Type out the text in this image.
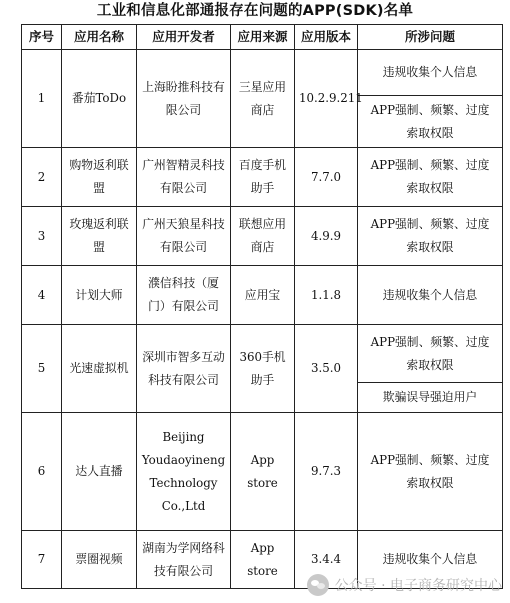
工业和信息化部通报存在问题的APP(SDK)名单
序号	应用名称	应用开发者	应用来源	应用版本	所涉问题
1	番茄ToDo	上海盼推科技有限公司	三星应用商店	10.2.9.211	违规收集个人信息
					APP强制、频繁、过度索取权限
2	购物返利联盟	广州智精灵科技有限公司	百度手机助手	7.7.0	APP强制、频繁、过度索取权限
3	玫瑰返利联盟	广州天狼星科技有限公司	联想应用商店	4.9.9	APP强制、频繁、过度索取权限
4	计划大师	濮信科技（厦门）有限公司	应用宝	1.1.8	违规收集个人信息
5	光速虚拟机	深圳市智多互动科技有限公司	360手机助手	3.5.0	APP强制、频繁、过度索取权限
					欺骗误导强迫用户
6	达人直播	Beijing Youdaoyineng Technology Co.,Ltd	App store	9.7.3	APP强制、频繁、过度索取权限
7	票圈视频	湖南为学网络科技有限公司	App store	3.4.4	违规收集个人信息
公众号 · 电子商务研究中心
